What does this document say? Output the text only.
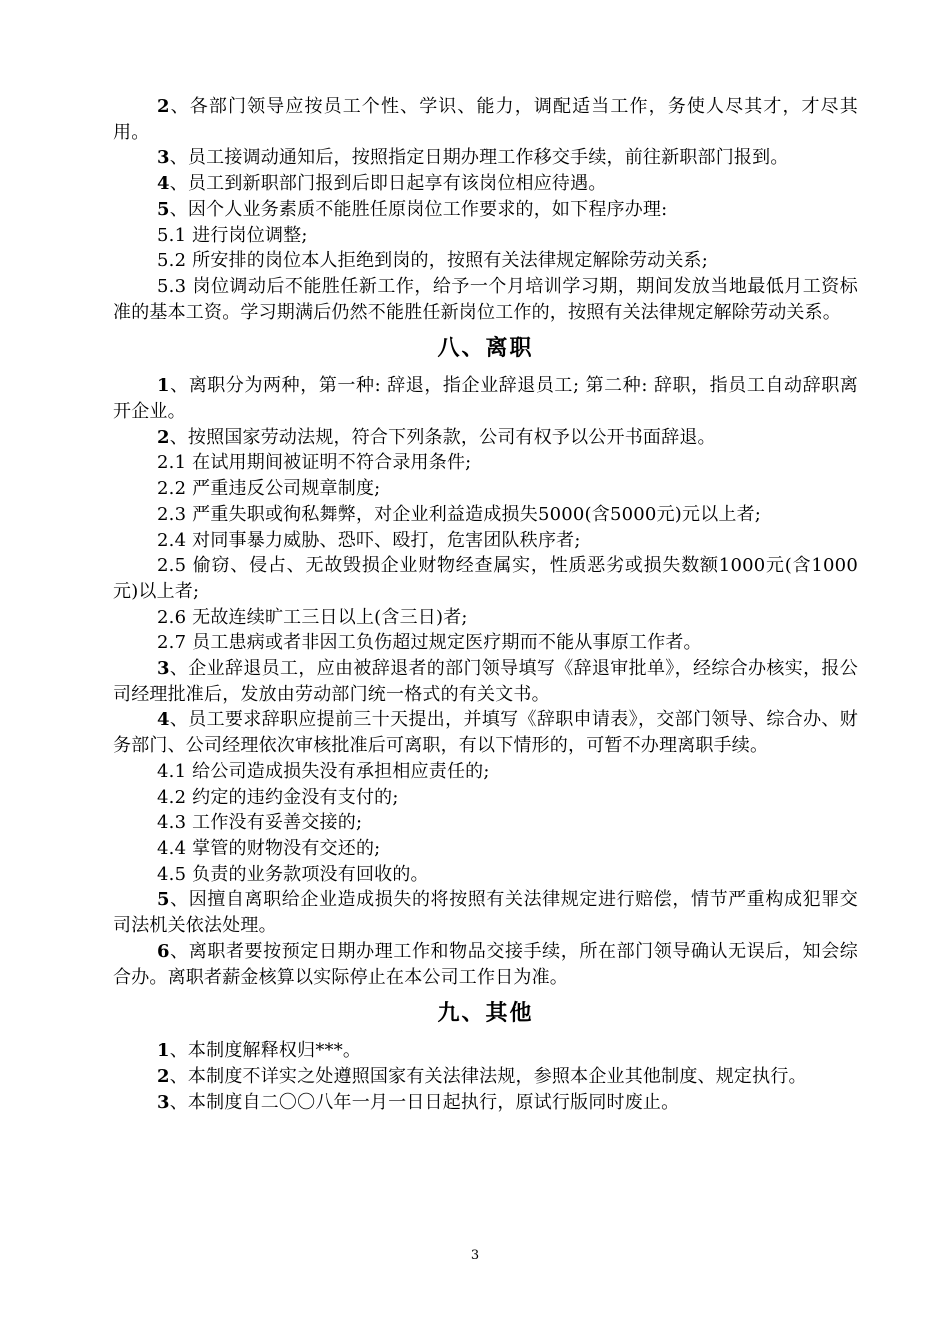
2、各部门领导应按员工个性、学识、能力，调配适当工作，务使人尽其才，才尽其用。

3、员工接调动通知后，按照指定日期办理工作移交手续，前往新职部门报到。

4、员工到新职部门报到后即日起享有该岗位相应待遇。

5、因个人业务素质不能胜任原岗位工作要求的，如下程序办理:

5.1 进行岗位调整;

5.2 所安排的岗位本人拒绝到岗的，按照有关法律规定解除劳动关系;

5.3 岗位调动后不能胜任新工作，给予一个月培训学习期，期间发放当地最低月工资标准的基本工资。学习期满后仍然不能胜任新岗位工作的，按照有关法律规定解除劳动关系。

八、离职

1、离职分为两种，第一种: 辞退，指企业辞退员工; 第二种: 辞职，指员工自动辞职离开企业。

2、按照国家劳动法规，符合下列条款，公司有权予以公开书面辞退。

2.1 在试用期间被证明不符合录用条件;

2.2 严重违反公司规章制度;

2.3 严重失职或徇私舞弊，对企业利益造成损失5000(含5000元)元以上者;

2.4 对同事暴力威胁、恐吓、殴打，危害团队秩序者;

2.5 偷窃、侵占、无故毁损企业财物经查属实，性质恶劣或损失数额1000元(含1000元)以上者;

2.6 无故连续旷工三日以上(含三日)者;

2.7 员工患病或者非因工负伤超过规定医疗期而不能从事原工作者。

3、企业辞退员工，应由被辞退者的部门领导填写《辞退审批单》，经综合办核实，报公司经理批准后，发放由劳动部门统一格式的有关文书。

4、员工要求辞职应提前三十天提出，并填写《辞职申请表》，交部门领导、综合办、财务部门、公司经理依次审核批准后可离职，有以下情形的，可暂不办理离职手续。

4.1 给公司造成损失没有承担相应责任的;

4.2 约定的违约金没有支付的;

4.3 工作没有妥善交接的;

4.4 掌管的财物没有交还的;

4.5 负责的业务款项没有回收的。

5、因擅自离职给企业造成损失的将按照有关法律规定进行赔偿，情节严重构成犯罪交司法机关依法处理。

6、离职者要按预定日期办理工作和物品交接手续，所在部门领导确认无误后，知会综合办。离职者薪金核算以实际停止在本公司工作日为准。

九、其他

1、本制度解释权归***。

2、本制度不详实之处遵照国家有关法律法规，参照本企业其他制度、规定执行。

3、本制度自二〇〇八年一月一日日起执行，原试行版同时废止。

3
